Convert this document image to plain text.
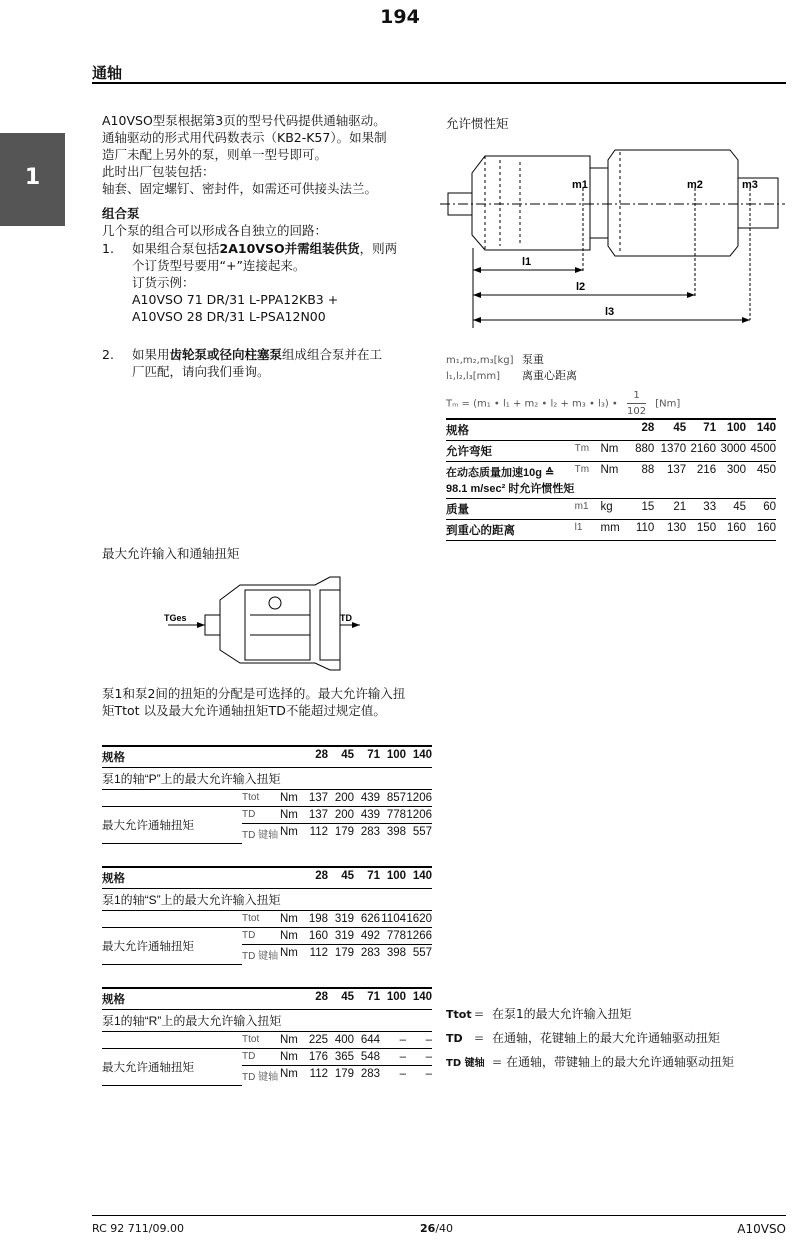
194
通轴
1
A10VSO型泵根据第3页的型号代码提供通轴驱动。
通轴驱动的形式用代码数表示（KB2-K57）。如果制
造厂未配上另外的泵，则单一型号即可。
此时出厂包装包括：
轴套、固定螺钉、密封件，如需还可供接头法兰。
组合泵
几个泵的组合可以形成各自独立的回路：
1. 如果组合泵包括2A10VSO并需组装供货，则两
个订货型号要用“+”连接起来。
订货示例：
A10VSO 71 DR/31 L-PPA12KB3 +
A10VSO 28 DR/31 L-PSA12N00
2. 如果用齿轮泵或径向柱塞泵组成组合泵并在工
厂匹配，请向我们垂询。
允许惯性矩
m1	m2	m3
l1
l2
l3
m₁,m₂,m₃[kg] 泵重
l₁,l₂,l₃[mm] 离重心距离
Tₘ = (m₁ • l₁ + m₂ • l₂ + m₃ • l₃) • $\frac{1}{102} [Nm]$
规格			28	45	71	100	140
允许弯矩	Tm	Nm	880	1370	2160	3000	4500
在动态质量加速10g ≙ 98.1 m/sec² 时允许惯性矩	Tm	Nm	88	137	216	300	450
质量	m1	kg	15	21	33	45	60
到重心的距离	l1	mm	110	130	150	160	160
最大允许输入和通轴扭矩
TGes	TD
泵1和泵2间的扭矩的分配是可选择的。最大允许输入扭
矩Ttot 以及最大允许通轴扭矩TD不能超过规定值。
规格			28	45	71	100	140
泵1的轴“P”上的最大允许输入扭矩							
	Ttot	Nm	137	200	439	857	1206
最大允许通轴扭矩	TD	Nm	137	200	439	778	1206
	TD 键轴	Nm	112	179	283	398	557
规格			28	45	71	100	140
泵1的轴“S”上的最大允许输入扭矩							
	Ttot	Nm	198	319	626	1104	1620
最大允许通轴扭矩	TD	Nm	160	319	492	778	1266
	TD 键轴	Nm	112	179	283	398	557
规格			28	45	71	100	140
泵1的轴“R”上的最大允许输入扭矩							
	Ttot	Nm	225	400	644	–	–
最大允许通轴扭矩	TD	Nm	176	365	548	–	–
	TD 键轴	Nm	112	179	283	–	–
Ttot = 在泵1的最大允许输入扭矩
TD = 在通轴，花键轴上的最大允许通轴驱动扭矩
TD 键轴 = 在通轴，带键轴上的最大允许通轴驱动扭矩
RC 92 711/09.00	26/40	A10VSO
